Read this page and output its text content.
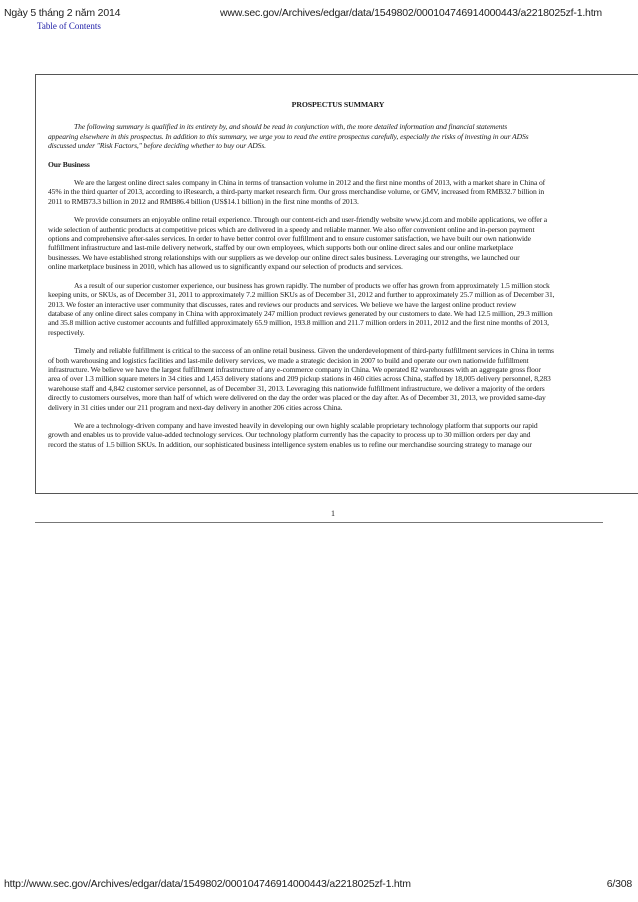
Ngày 5 tháng 2 năm 2014	www.sec.gov/Archives/edgar/data/1549802/000104746914000443/a2218025zf-1.htm
Table of Contents
PROSPECTUS SUMMARY
The following summary is qualified in its entirety by, and should be read in conjunction with, the more detailed information and financial statements
appearing elsewhere in this prospectus. In addition to this summary, we urge you to read the entire prospectus carefully, especially the risks of investing in our ADSs
discussed under "Risk Factors," before deciding whether to buy our ADSs.
Our Business
We are the largest online direct sales company in China in terms of transaction volume in 2012 and the first nine months of 2013, with a market share in China of
45% in the third quarter of 2013, according to iResearch, a third-party market research firm. Our gross merchandise volume, or GMV, increased from RMB32.7 billion in
2011 to RMB73.3 billion in 2012 and RMB86.4 billion (US$14.1 billion) in the first nine months of 2013.
We provide consumers an enjoyable online retail experience. Through our content-rich and user-friendly website www.jd.com and mobile applications, we offer a
wide selection of authentic products at competitive prices which are delivered in a speedy and reliable manner. We also offer convenient online and in-person payment
options and comprehensive after-sales services. In order to have better control over fulfillment and to ensure customer satisfaction, we have built our own nationwide
fulfillment infrastructure and last-mile delivery network, staffed by our own employees, which supports both our online direct sales and our online marketplace
businesses. We have established strong relationships with our suppliers as we develop our online direct sales business. Leveraging our strengths, we launched our
online marketplace business in 2010, which has allowed us to significantly expand our selection of products and services.
As a result of our superior customer experience, our business has grown rapidly. The number of products we offer has grown from approximately 1.5 million stock
keeping units, or SKUs, as of December 31, 2011 to approximately 7.2 million SKUs as of December 31, 2012 and further to approximately 25.7 million as of December 31,
2013. We foster an interactive user community that discusses, rates and reviews our products and services. We believe we have the largest online product review
database of any online direct sales company in China with approximately 247 million product reviews generated by our customers to date. We had 12.5 million, 29.3 million
and 35.8 million active customer accounts and fulfilled approximately 65.9 million, 193.8 million and 211.7 million orders in 2011, 2012 and the first nine months of 2013,
respectively.
Timely and reliable fulfillment is critical to the success of an online retail business. Given the underdevelopment of third-party fulfillment services in China in terms
of both warehousing and logistics facilities and last-mile delivery services, we made a strategic decision in 2007 to build and operate our own nationwide fulfillment
infrastructure. We believe we have the largest fulfillment infrastructure of any e-commerce company in China. We operated 82 warehouses with an aggregate gross floor
area of over 1.3 million square meters in 34 cities and 1,453 delivery stations and 209 pickup stations in 460 cities across China, staffed by 18,005 delivery personnel, 8,283
warehouse staff and 4,842 customer service personnel, as of December 31, 2013. Leveraging this nationwide fulfillment infrastructure, we deliver a majority of the orders
directly to customers ourselves, more than half of which were delivered on the day the order was placed or the day after. As of December 31, 2013, we provided same-day
delivery in 31 cities under our 211 program and next-day delivery in another 206 cities across China.
We are a technology-driven company and have invested heavily in developing our own highly scalable proprietary technology platform that supports our rapid
growth and enables us to provide value-added technology services. Our technology platform currently has the capacity to process up to 30 million orders per day and
record the status of 1.5 billion SKUs. In addition, our sophisticated business intelligence system enables us to refine our merchandise sourcing strategy to manage our
1
http://www.sec.gov/Archives/edgar/data/1549802/000104746914000443/a2218025zf-1.htm	6/308
